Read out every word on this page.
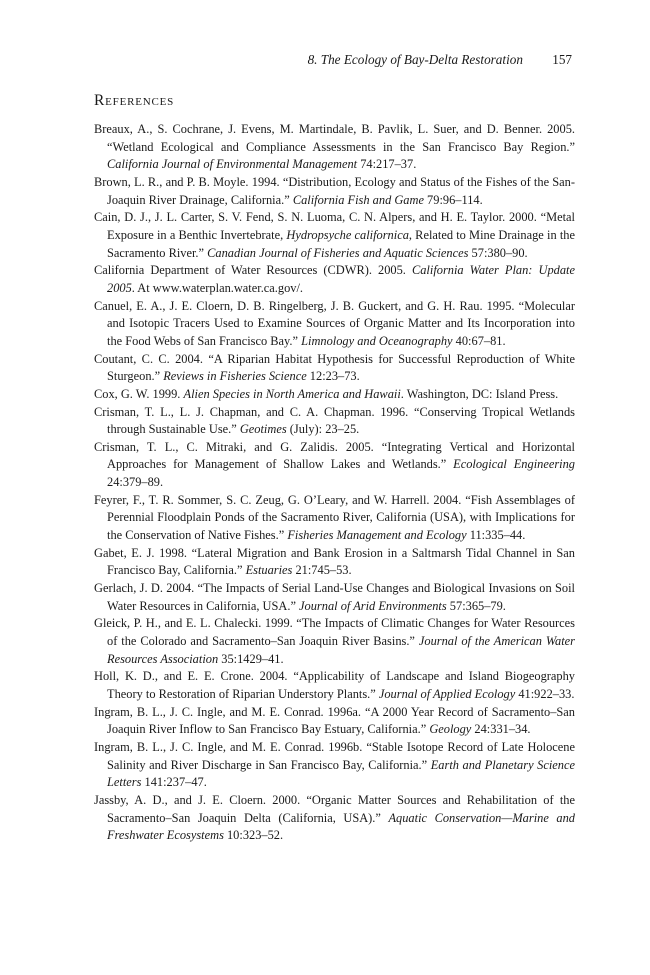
8. The Ecology of Bay-Delta Restoration 157
References
Breaux, A., S. Cochrane, J. Evens, M. Martindale, B. Pavlik, L. Suer, and D. Benner. 2005. “Wetland Ecological and Compliance Assessments in the San Francisco Bay Region.” California Journal of Environmental Management 74:217–37.
Brown, L. R., and P. B. Moyle. 1994. “Distribution, Ecology and Status of the Fishes of the San-Joaquin River Drainage, California.” California Fish and Game 79:96–114.
Cain, D. J., J. L. Carter, S. V. Fend, S. N. Luoma, C. N. Alpers, and H. E. Taylor. 2000. “Metal Exposure in a Benthic Invertebrate, Hydropsyche californica, Related to Mine Drainage in the Sacramento River.” Canadian Journal of Fisheries and Aquatic Sciences 57:380–90.
California Department of Water Resources (CDWR). 2005. California Water Plan: Update 2005. At www.waterplan.water.ca.gov/.
Canuel, E. A., J. E. Cloern, D. B. Ringelberg, J. B. Guckert, and G. H. Rau. 1995. “Molecular and Isotopic Tracers Used to Examine Sources of Organic Matter and Its Incorporation into the Food Webs of San Francisco Bay.” Limnology and Oceanography 40:67–81.
Coutant, C. C. 2004. “A Riparian Habitat Hypothesis for Successful Reproduction of White Sturgeon.” Reviews in Fisheries Science 12:23–73.
Cox, G. W. 1999. Alien Species in North America and Hawaii. Washington, DC: Island Press.
Crisman, T. L., L. J. Chapman, and C. A. Chapman. 1996. “Conserving Tropical Wetlands through Sustainable Use.” Geotimes (July): 23–25.
Crisman, T. L., C. Mitraki, and G. Zalidis. 2005. “Integrating Vertical and Horizontal Approaches for Management of Shallow Lakes and Wetlands.” Ecological Engineering 24:379–89.
Feyrer, F., T. R. Sommer, S. C. Zeug, G. O’Leary, and W. Harrell. 2004. “Fish Assemblages of Perennial Floodplain Ponds of the Sacramento River, California (USA), with Implications for the Conservation of Native Fishes.” Fisheries Management and Ecology 11:335–44.
Gabet, E. J. 1998. “Lateral Migration and Bank Erosion in a Saltmarsh Tidal Channel in San Francisco Bay, California.” Estuaries 21:745–53.
Gerlach, J. D. 2004. “The Impacts of Serial Land-Use Changes and Biological Invasions on Soil Water Resources in California, USA.” Journal of Arid Environments 57:365–79.
Gleick, P. H., and E. L. Chalecki. 1999. “The Impacts of Climatic Changes for Water Resources of the Colorado and Sacramento–San Joaquin River Basins.” Journal of the American Water Resources Association 35:1429–41.
Holl, K. D., and E. E. Crone. 2004. “Applicability of Landscape and Island Biogeography Theory to Restoration of Riparian Understory Plants.” Journal of Applied Ecology 41:922–33.
Ingram, B. L., J. C. Ingle, and M. E. Conrad. 1996a. “A 2000 Year Record of Sacramento–San Joaquin River Inflow to San Francisco Bay Estuary, California.” Geology 24:331–34.
Ingram, B. L., J. C. Ingle, and M. E. Conrad. 1996b. “Stable Isotope Record of Late Holocene Salinity and River Discharge in San Francisco Bay, California.” Earth and Planetary Science Letters 141:237–47.
Jassby, A. D., and J. E. Cloern. 2000. “Organic Matter Sources and Rehabilitation of the Sacramento–San Joaquin Delta (California, USA).” Aquatic Conservation—Marine and Freshwater Ecosystems 10:323–52.
